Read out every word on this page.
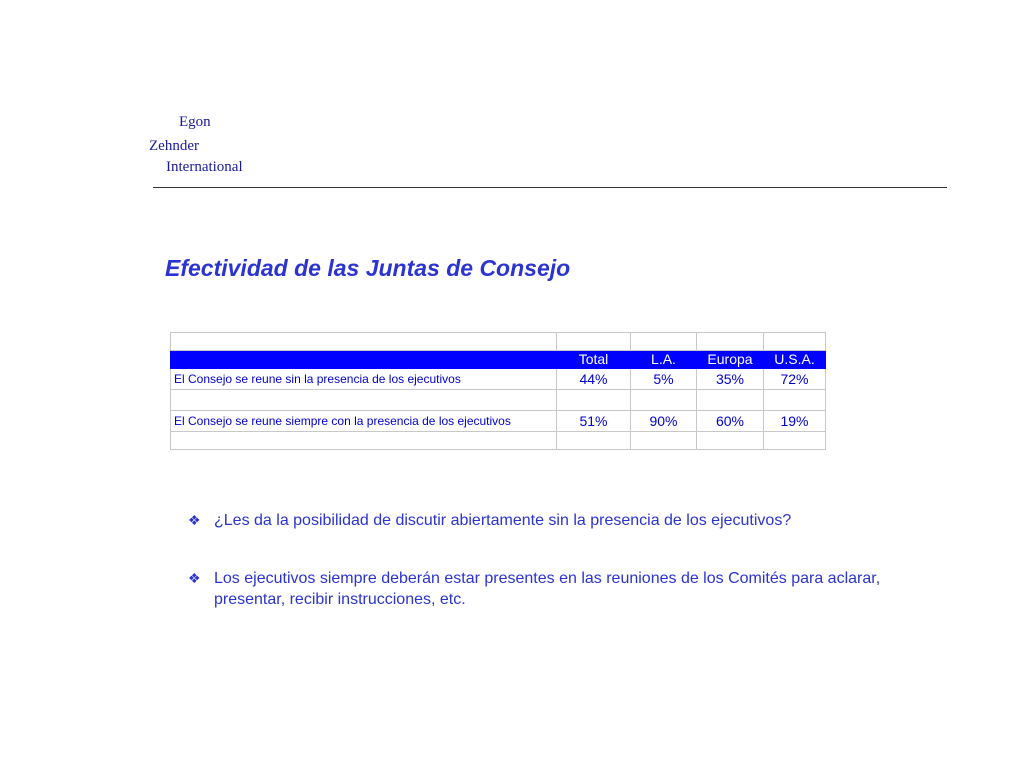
Egon
Zehnder
International
Efectividad de las Juntas de Consejo

	Total	L.A.	Europa	U.S.A.
El Consejo se reune sin la presencia de los ejecutivos	44%	5%	35%	72%

El Consejo se reune siempre con la presencia de los ejecutivos	51%	90%	60%	19%

❖ ¿Les da la posibilidad de discutir abiertamente sin la presencia de los ejecutivos?
❖ Los ejecutivos siempre deberán estar presentes en las reuniones de los Comités para aclarar, presentar, recibir instrucciones, etc.
